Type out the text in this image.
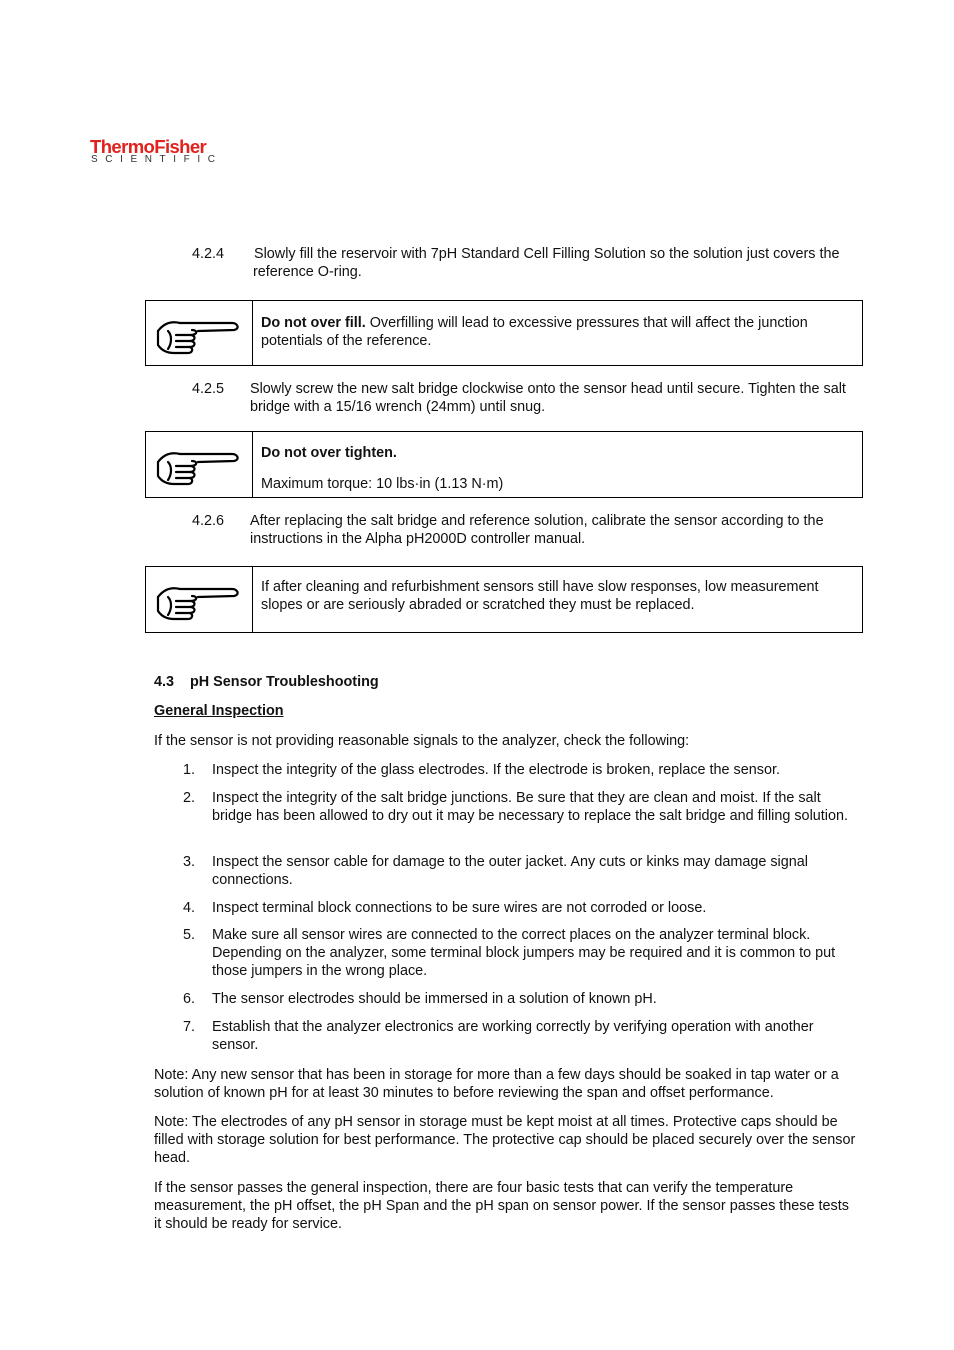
ThermoFisher
SCIENTIFIC
4.2.4 Slowly fill the reservoir with 7pH Standard Cell Filling Solution so the solution just covers the reference O-ring.
Do not over fill. Overfilling will lead to excessive pressures that will affect the junction potentials of the reference.
4.2.5 Slowly screw the new salt bridge clockwise onto the sensor head until secure. Tighten the salt bridge with a 15/16 wrench (24mm) until snug.
Do not over tighten.
Maximum torque: 10 lbs·in (1.13 N·m)
4.2.6 After replacing the salt bridge and reference solution, calibrate the sensor according to the instructions in the Alpha pH2000D controller manual.
If after cleaning and refurbishment sensors still have slow responses, low measurement slopes or are seriously abraded or scratched they must be replaced.
4.3    pH Sensor Troubleshooting
General Inspection
If the sensor is not providing reasonable signals to the analyzer, check the following:
1. Inspect the integrity of the glass electrodes. If the electrode is broken, replace the sensor.
2. Inspect the integrity of the salt bridge junctions. Be sure that they are clean and moist. If the salt bridge has been allowed to dry out it may be necessary to replace the salt bridge and filling solution.
3. Inspect the sensor cable for damage to the outer jacket. Any cuts or kinks may damage signal connections.
4. Inspect terminal block connections to be sure wires are not corroded or loose.
5. Make sure all sensor wires are connected to the correct places on the analyzer terminal block. Depending on the analyzer, some terminal block jumpers may be required and it is common to put those jumpers in the wrong place.
6. The sensor electrodes should be immersed in a solution of known pH.
7. Establish that the analyzer electronics are working correctly by verifying operation with another sensor.
Note: Any new sensor that has been in storage for more than a few days should be soaked in tap water or a solution of known pH for at least 30 minutes to before reviewing the span and offset performance.
Note: The electrodes of any pH sensor in storage must be kept moist at all times. Protective caps should be filled with storage solution for best performance. The protective cap should be placed securely over the sensor head.
If the sensor passes the general inspection, there are four basic tests that can verify the temperature measurement, the pH offset, the pH Span and the pH span on sensor power. If the sensor passes these tests it should be ready for service.
